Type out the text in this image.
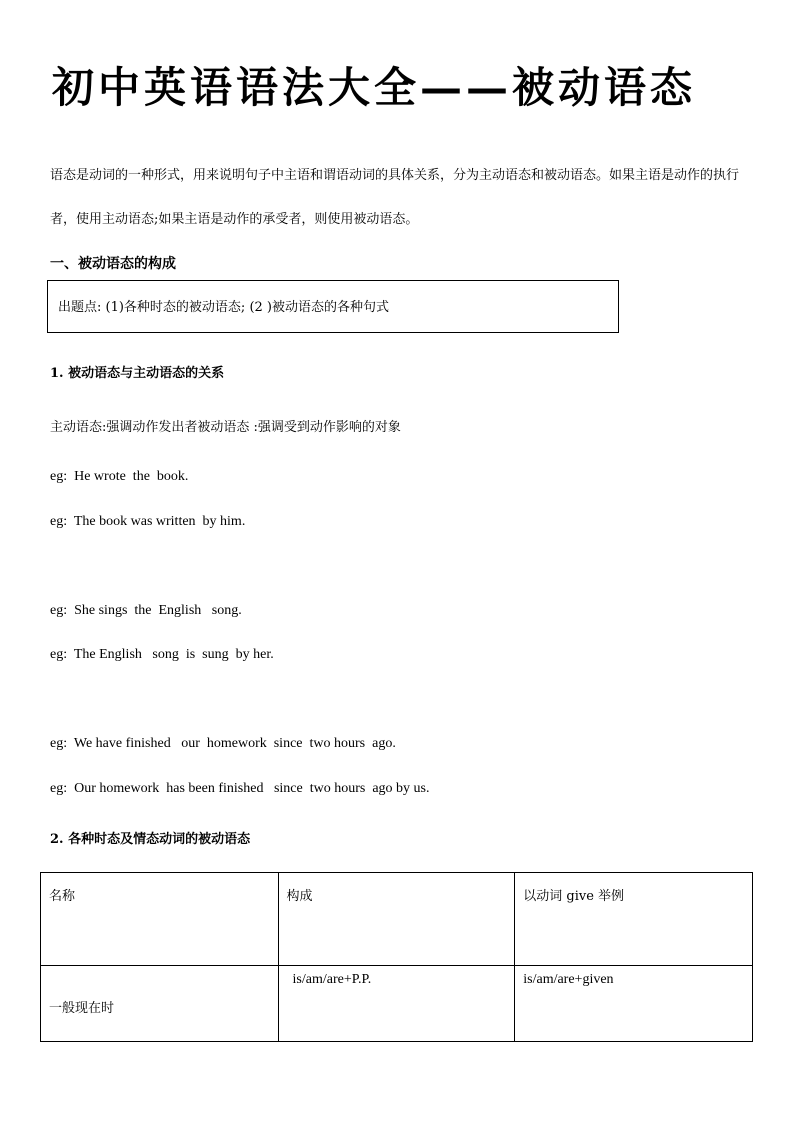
初中英语语法大全——被动语态

语态是动词的一种形式，用来说明句子中主语和谓语动词的具体关系，分为主动语态和被动语态。如果主语是动作的执行者，使用主动语态;如果主语是动作的承受者，则使用被动语态。

一、被动语态的构成

出题点: (1)各种时态的被动语态; (2 )被动语态的各种句式

1. 被动语态与主动语态的关系

主动语态:强调动作发出者被动语态 :强调受到动作影响的对象

eg:  He wrote  the  book.

eg:  The book was written  by him.

eg:  She sings  the  English   song.

eg:  The English   song  is  sung  by her.

eg:  We have finished   our  homework  since  two hours  ago.

eg:  Our homework  has been finished   since  two hours  ago by us.

2. 各种时态及情态动词的被动语态

名称	构成	以动词 give 举例
一般现在时	is/am/are+P.P.	is/am/are+given
